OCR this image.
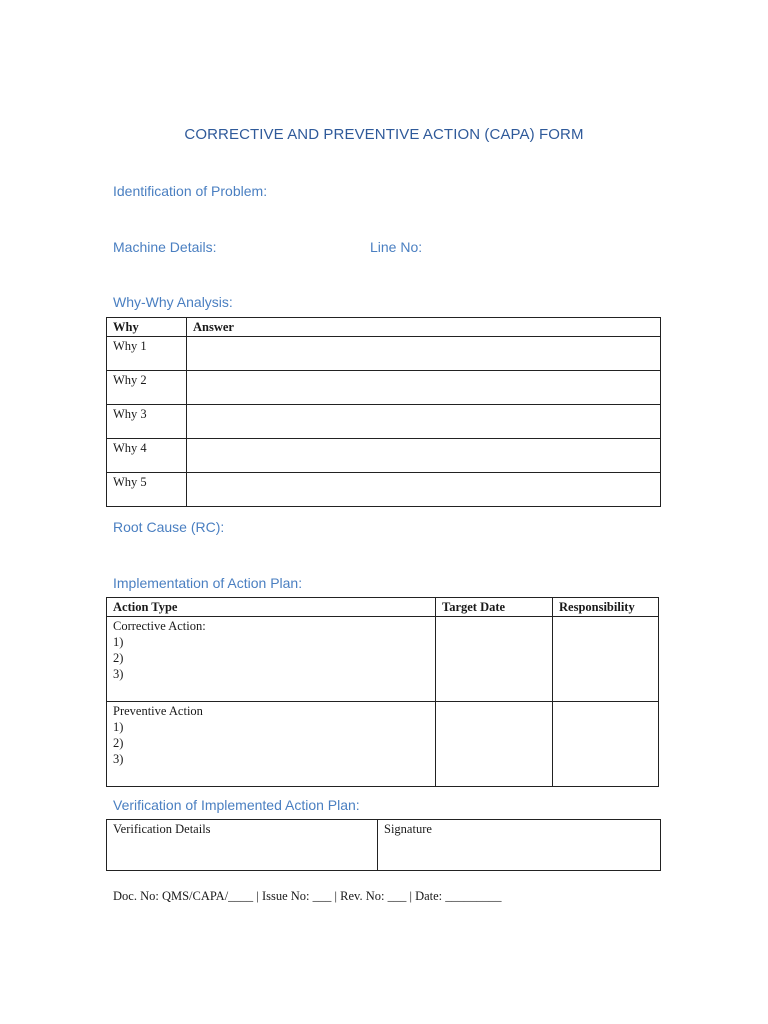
CORRECTIVE AND PREVENTIVE ACTION (CAPA) FORM
Identification of Problem:
Machine Details:	Line No:
Why-Why Analysis:
Why	Answer
Why 1	
Why 2	
Why 3	
Why 4	
Why 5	
Root Cause (RC):
Implementation of Action Plan:
Action Type	Target Date	Responsibility

Corrective Action:
1)
2)
3)		

Preventive Action
1)
2)
3)		

Verification of Implemented Action Plan:
Verification Details	Signature
Doc. No: QMS/CAPA/____ | Issue No: ___ | Rev. No: ___ | Date: _________
